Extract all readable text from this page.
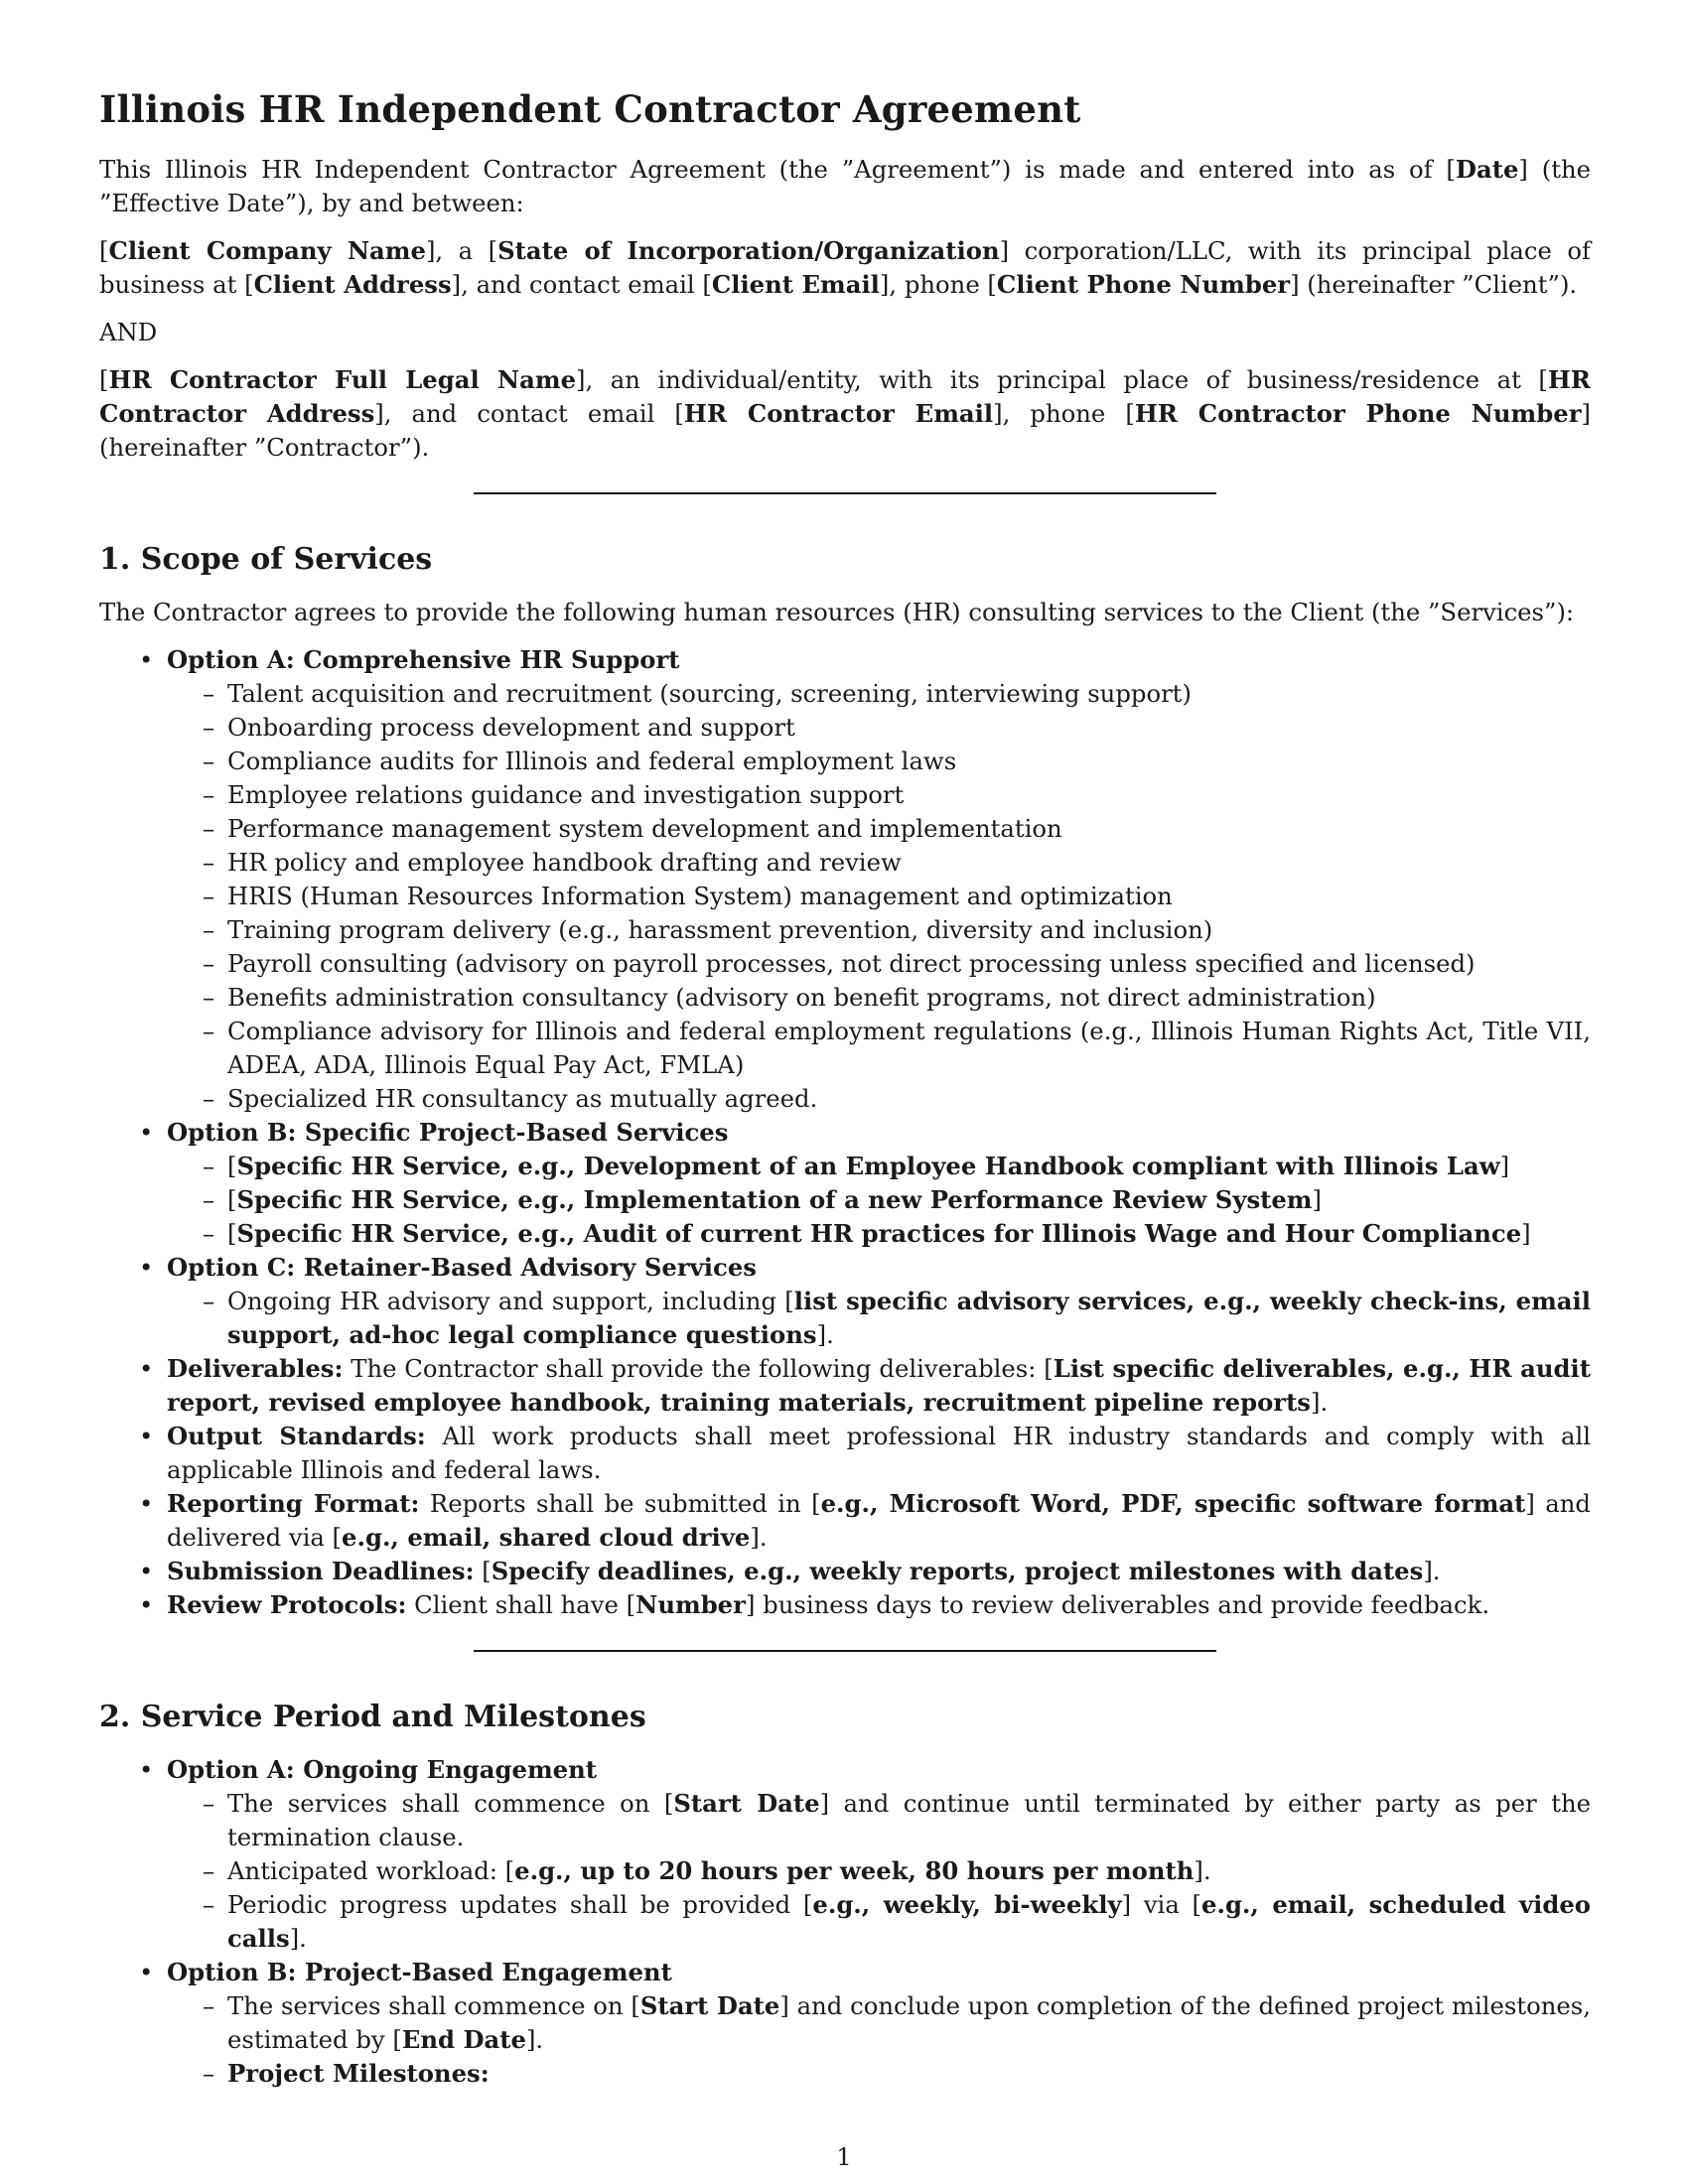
Illinois HR Independent Contractor Agreement

This Illinois HR Independent Contractor Agreement (the ”Agreement”) is made and entered into as of [Date] (the ”Effective Date”), by and between:

[Client Company Name], a [State of Incorporation/Organization] corporation/LLC, with its principal place of business at [Client Address], and contact email [Client Email], phone [Client Phone Number] (hereinafter ”Client”).

AND

[HR Contractor Full Legal Name], an individual/entity, with its principal place of business/residence at [HR Contractor Address], and contact email [HR Contractor Email], phone [HR Contractor Phone Number] (hereinafter ”Contractor”).

1. Scope of Services

The Contractor agrees to provide the following human resources (HR) consulting services to the Client (the ”Services”):

• Option A: Comprehensive HR Support
– Talent acquisition and recruitment (sourcing, screening, interviewing support)
– Onboarding process development and support
– Compliance audits for Illinois and federal employment laws
– Employee relations guidance and investigation support
– Performance management system development and implementation
– HR policy and employee handbook drafting and review
– HRIS (Human Resources Information System) management and optimization
– Training program delivery (e.g., harassment prevention, diversity and inclusion)
– Payroll consulting (advisory on payroll processes, not direct processing unless specified and licensed)
– Benefits administration consultancy (advisory on benefit programs, not direct administration)
– Compliance advisory for Illinois and federal employment regulations (e.g., Illinois Human Rights Act, Title VII, ADEA, ADA, Illinois Equal Pay Act, FMLA)
– Specialized HR consultancy as mutually agreed.
• Option B: Specific Project-Based Services
– [Specific HR Service, e.g., Development of an Employee Handbook compliant with Illinois Law]
– [Specific HR Service, e.g., Implementation of a new Performance Review System]
– [Specific HR Service, e.g., Audit of current HR practices for Illinois Wage and Hour Compliance]
• Option C: Retainer-Based Advisory Services
– Ongoing HR advisory and support, including [list specific advisory services, e.g., weekly check-ins, email support, ad-hoc legal compliance questions].
• Deliverables: The Contractor shall provide the following deliverables: [List specific deliverables, e.g., HR audit report, revised employee handbook, training materials, recruitment pipeline reports].
• Output Standards: All work products shall meet professional HR industry standards and comply with all applicable Illinois and federal laws.
• Reporting Format: Reports shall be submitted in [e.g., Microsoft Word, PDF, specific software format] and delivered via [e.g., email, shared cloud drive].
• Submission Deadlines: [Specify deadlines, e.g., weekly reports, project milestones with dates].
• Review Protocols: Client shall have [Number] business days to review deliverables and provide feedback.
2. Service Period and Milestones
• Option A: Ongoing Engagement
– The services shall commence on [Start Date] and continue until terminated by either party as per the termination clause.
– Anticipated workload: [e.g., up to 20 hours per week, 80 hours per month].
– Periodic progress updates shall be provided [e.g., weekly, bi-weekly] via [e.g., email, scheduled video calls].
• Option B: Project-Based Engagement
– The services shall commence on [Start Date] and conclude upon completion of the defined project milestones, estimated by [End Date].
– Project Milestones:
1
